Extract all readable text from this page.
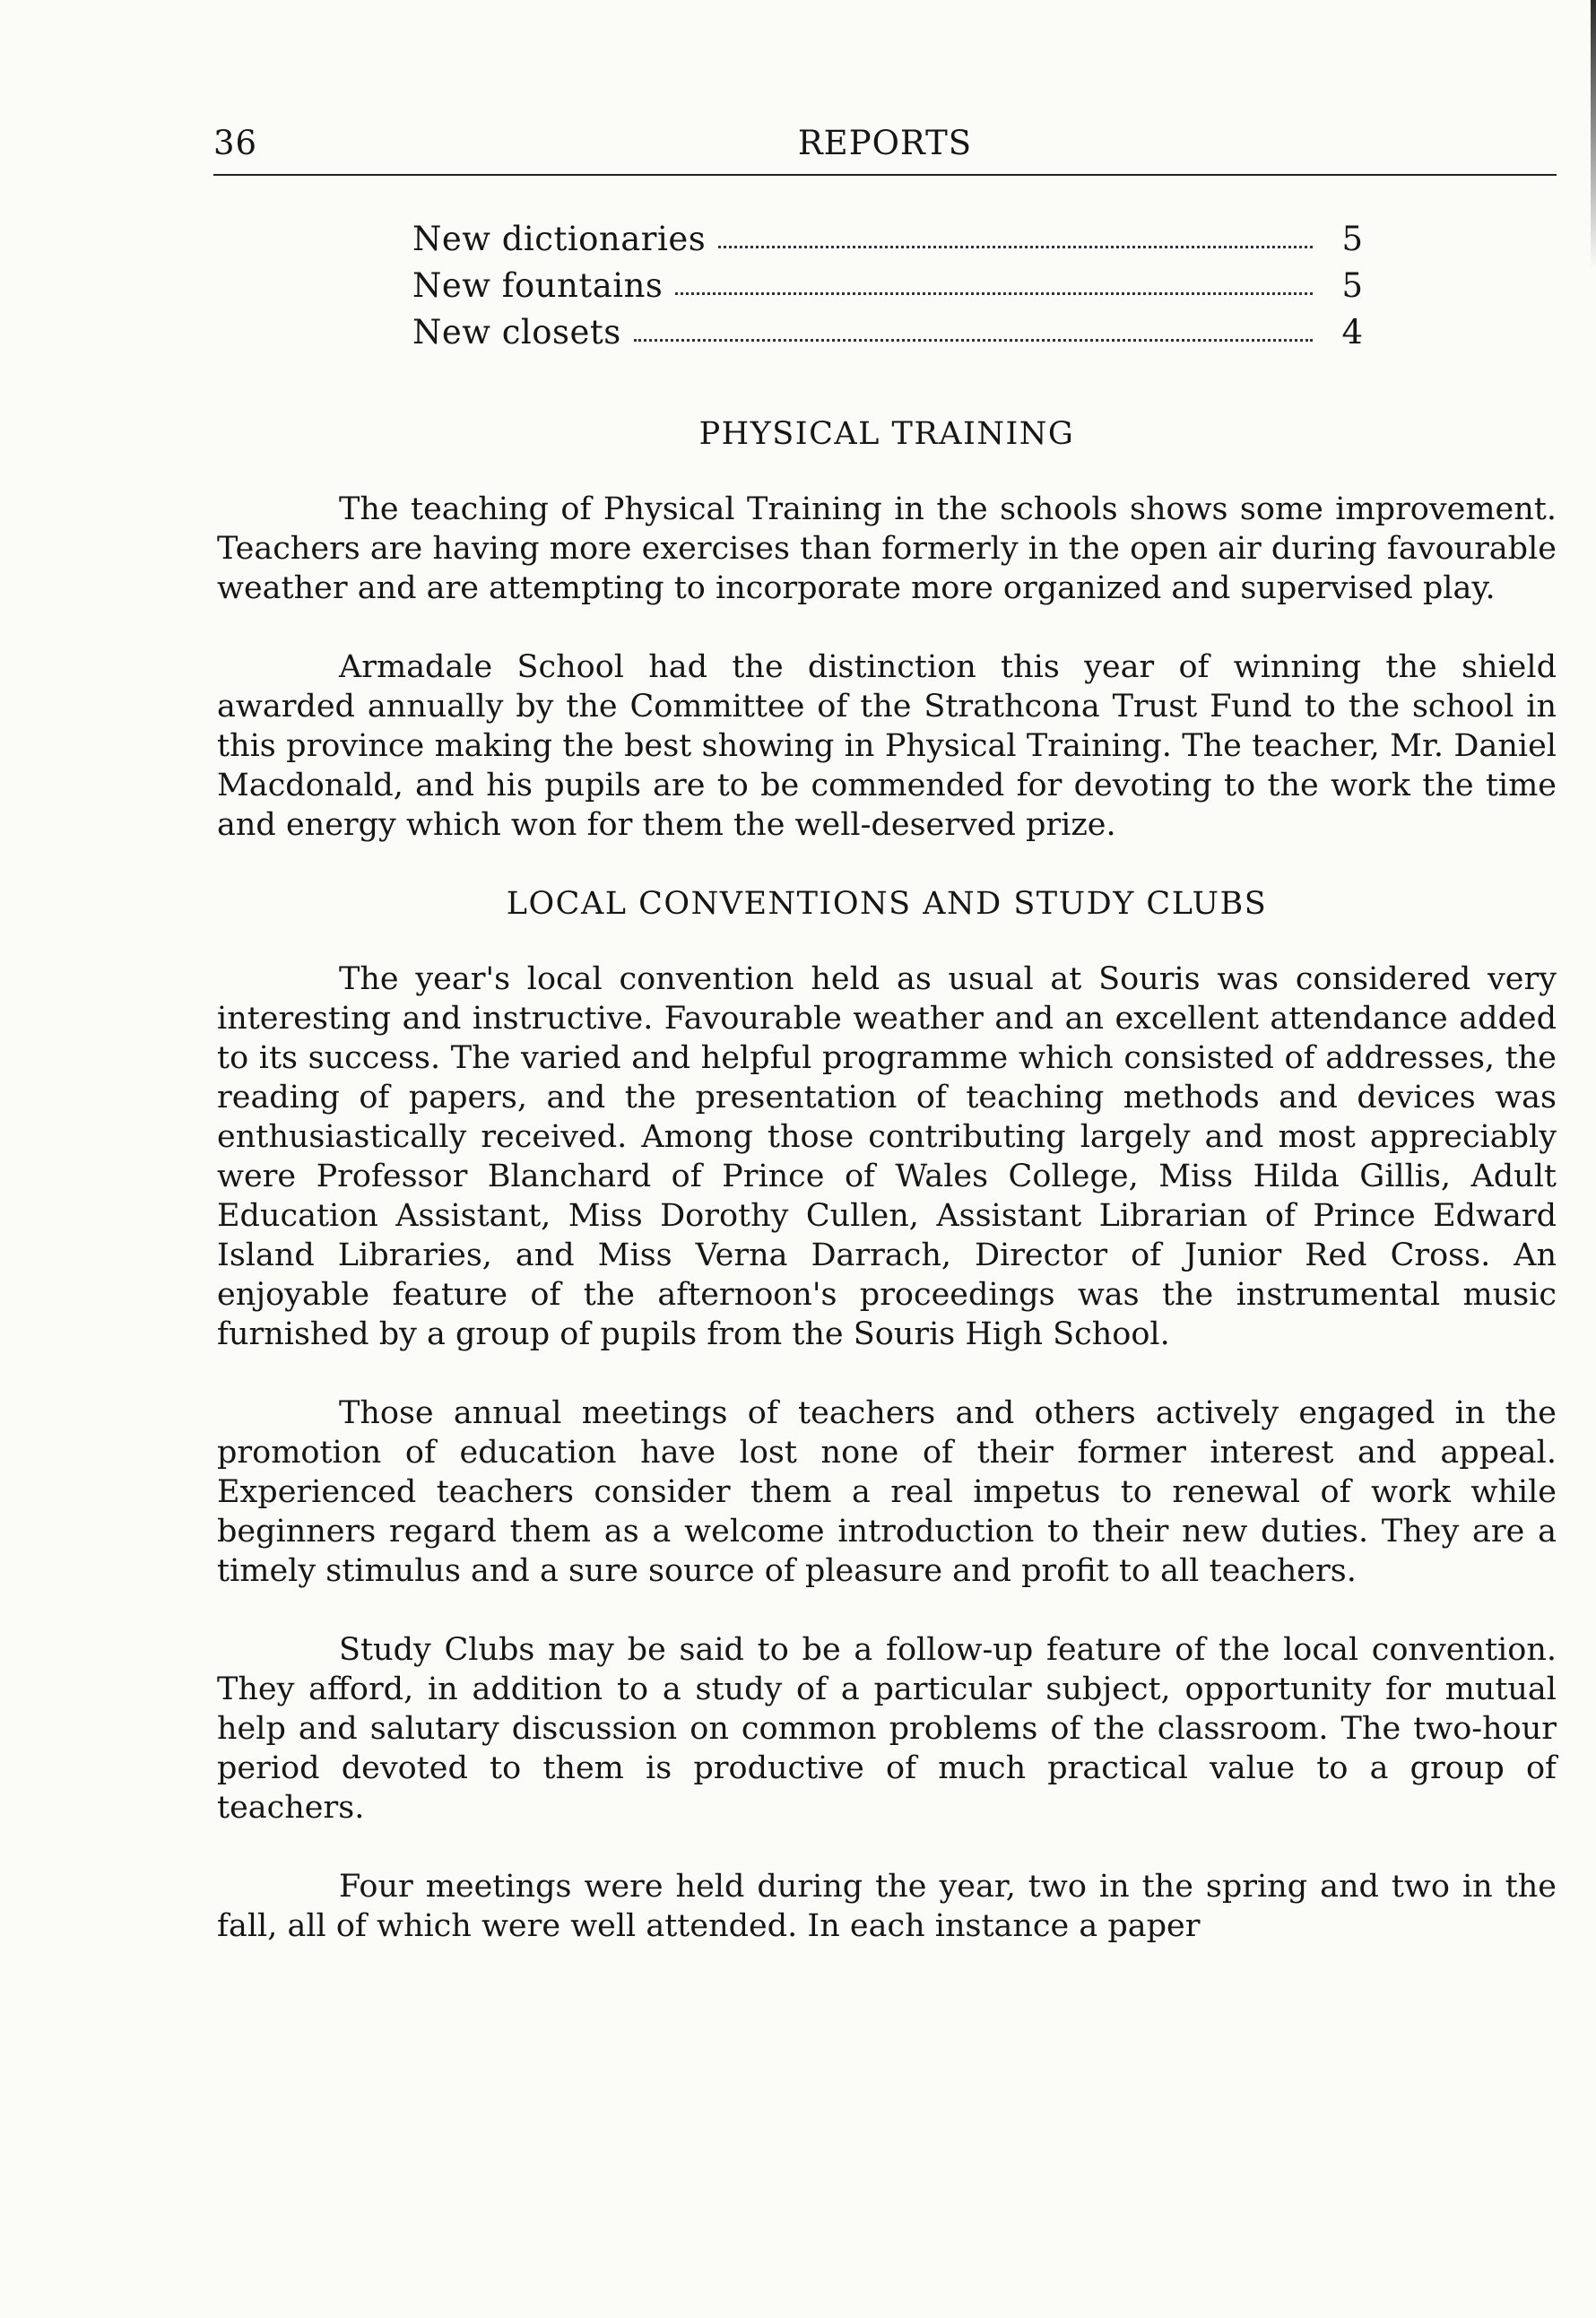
36	REPORTS
New dictionaries	5
New fountains	5
New closets	4
PHYSICAL TRAINING

The teaching of Physical Training in the schools shows some improvement. Teachers are having more exercises than formerly in the open air during favourable weather and are attempting to incorporate more organized and supervised play.

Armadale School had the distinction this year of winning the shield awarded annually by the Committee of the Strathcona Trust Fund to the school in this province making the best showing in Physical Training. The teacher, Mr. Daniel Macdonald, and his pupils are to be commended for devoting to the work the time and energy which won for them the well-deserved prize.

LOCAL CONVENTIONS AND STUDY CLUBS

The year's local convention held as usual at Souris was considered very interesting and instructive. Favourable weather and an excellent attendance added to its success. The varied and helpful programme which consisted of addresses, the reading of papers, and the presentation of teaching methods and devices was enthusiastically received. Among those contributing largely and most appreciably were Professor Blanchard of Prince of Wales College, Miss Hilda Gillis, Adult Education Assistant, Miss Dorothy Cullen, Assistant Librarian of Prince Edward Island Libraries, and Miss Verna Darrach, Director of Junior Red Cross. An enjoyable feature of the afternoon's proceedings was the instrumental music furnished by a group of pupils from the Souris High School.

Those annual meetings of teachers and others actively engaged in the promotion of education have lost none of their former interest and appeal. Experienced teachers consider them a real impetus to renewal of work while beginners regard them as a welcome introduction to their new duties. They are a timely stimulus and a sure source of pleasure and profit to all teachers.

Study Clubs may be said to be a follow-up feature of the local convention. They afford, in addition to a study of a particular subject, opportunity for mutual help and salutary discussion on common problems of the classroom. The two-hour period devoted to them is productive of much practical value to a group of teachers.

Four meetings were held during the year, two in the spring and two in the fall, all of which were well attended. In each instance a paper
